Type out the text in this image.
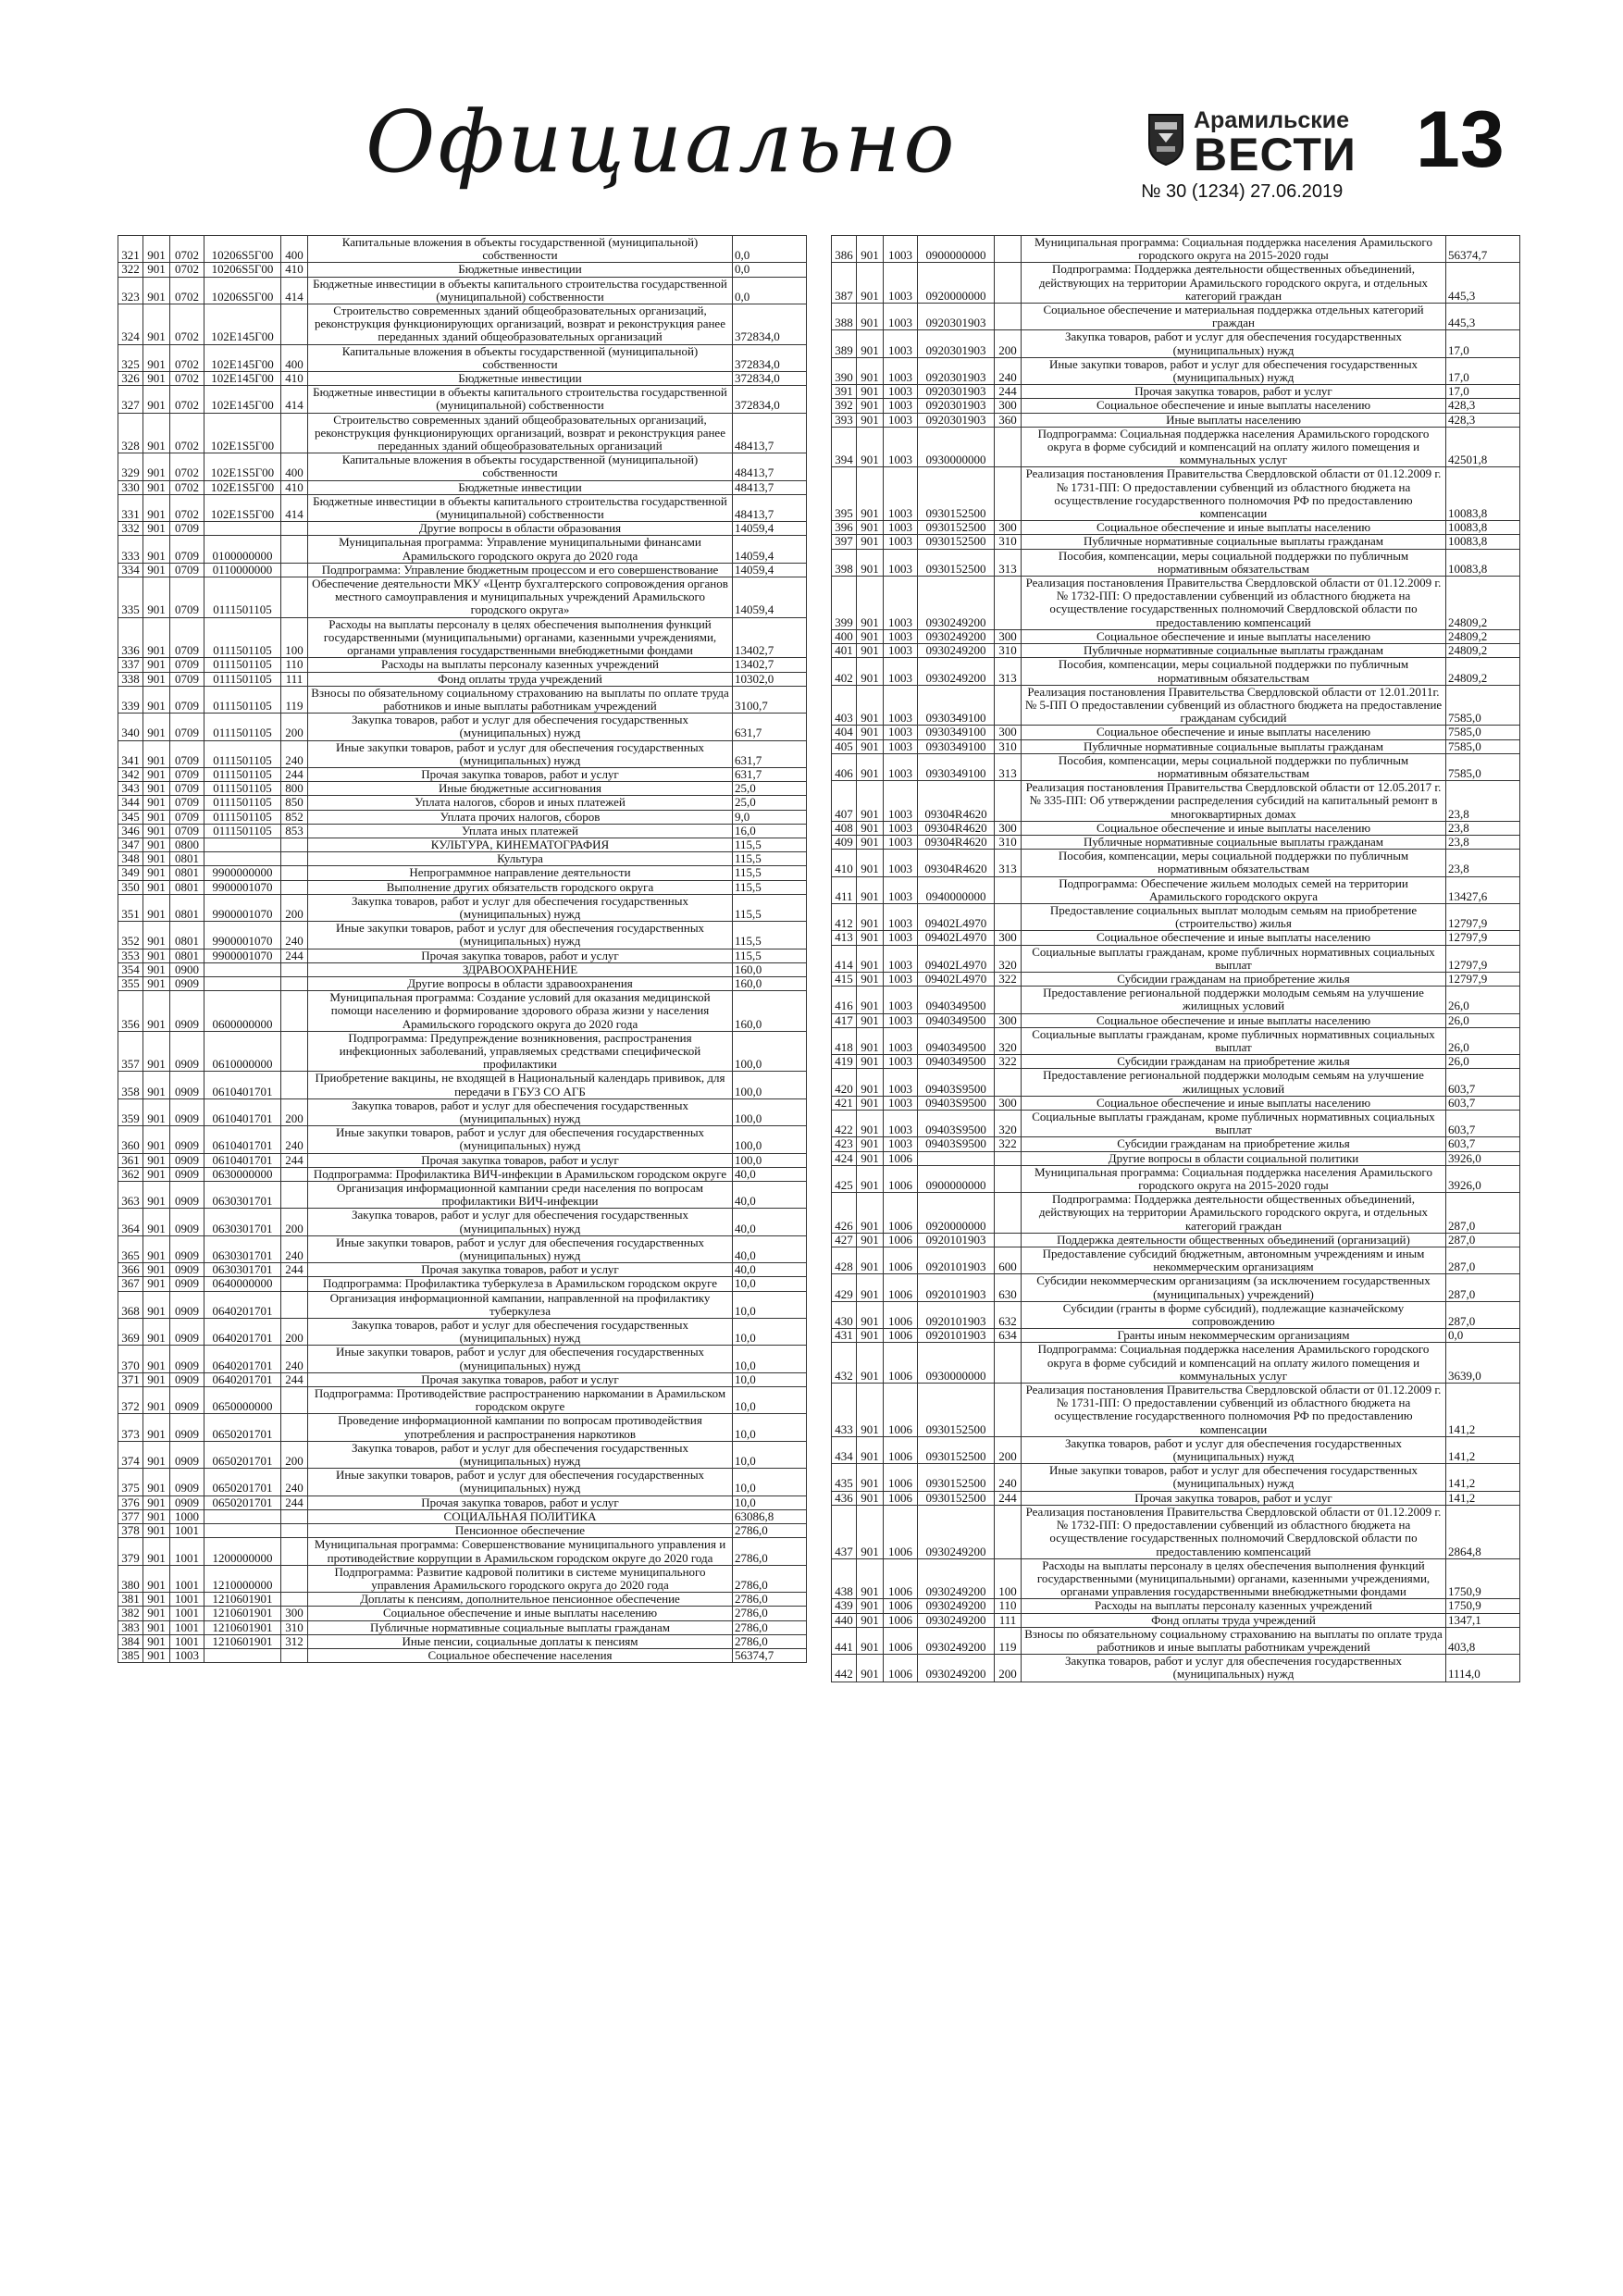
Официально	Арамильские
ВЕСТИ 13
№ 30 (1234) 27.06.2019
321	901	0702	10206S5Г00	400	Капитальные вложения в объекты государственной (муниципальной) собственности	0,0
322	901	0702	10206S5Г00	410	Бюджетные инвестиции	0,0
323	901	0702	10206S5Г00	414	Бюджетные инвестиции в объекты капитального строительства государственной (муниципальной) собственности	0,0
324	901	0702	102E145Г00		Строительство современных зданий общеобразовательных организаций, реконструкция функционирующих организаций, возврат и реконструкция ранее переданных зданий общеобразовательных организаций	372834,0
325	901	0702	102E145Г00	400	Капитальные вложения в объекты государственной (муниципальной) собственности	372834,0
326	901	0702	102E145Г00	410	Бюджетные инвестиции	372834,0
327	901	0702	102E145Г00	414	Бюджетные инвестиции в объекты капитального строительства государственной (муниципальной) собственности	372834,0
328	901	0702	102E1S5Г00		Строительство современных зданий общеобразовательных организаций, реконструкция функционирующих организаций, возврат и реконструкция ранее переданных зданий общеобразовательных организаций	48413,7
329	901	0702	102E1S5Г00	400	Капитальные вложения в объекты государственной (муниципальной) собственности	48413,7
330	901	0702	102E1S5Г00	410	Бюджетные инвестиции	48413,7
331	901	0702	102E1S5Г00	414	Бюджетные инвестиции в объекты капитального строительства государственной (муниципальной) собственности	48413,7
332	901	0709			Другие вопросы в области образования	14059,4
333	901	0709	0100000000		Муниципальная программа: Управление муниципальными финансами Арамильского городского округа до 2020 года	14059,4
334	901	0709	0110000000		Подпрограмма: Управление бюджетным процессом и его совершенствование	14059,4
335	901	0709	0111501105		Обеспечение деятельности МКУ «Центр бухгалтерского сопровождения органов местного самоуправления и муниципальных учреждений Арамильского городского округа»	14059,4
336	901	0709	0111501105	100	Расходы на выплаты персоналу в целях обеспечения выполнения функций государственными (муниципальными) органами, казенными учреждениями, органами управления государственными внебюджетными фондами	13402,7
337	901	0709	0111501105	110	Расходы на выплаты персоналу казенных учреждений	13402,7
338	901	0709	0111501105	111	Фонд оплаты труда учреждений	10302,0
339	901	0709	0111501105	119	Взносы по обязательному социальному страхованию на выплаты по оплате труда работников и иные выплаты работникам учреждений	3100,7
340	901	0709	0111501105	200	Закупка товаров, работ и услуг для обеспечения государственных (муниципальных) нужд	631,7
341	901	0709	0111501105	240	Иные закупки товаров, работ и услуг для обеспечения государственных (муниципальных) нужд	631,7
342	901	0709	0111501105	244	Прочая закупка товаров, работ и услуг	631,7
343	901	0709	0111501105	800	Иные бюджетные ассигнования	25,0
344	901	0709	0111501105	850	Уплата налогов, сборов и иных платежей	25,0
345	901	0709	0111501105	852	Уплата прочих налогов, сборов	9,0
346	901	0709	0111501105	853	Уплата иных платежей	16,0
347	901	0800			КУЛЬТУРА, КИНЕМАТОГРАФИЯ	115,5
348	901	0801			Культура	115,5
349	901	0801	9900000000		Непрограммное направление деятельности	115,5
350	901	0801	9900001070		Выполнение других обязательств городского округа	115,5
351	901	0801	9900001070	200	Закупка товаров, работ и услуг для обеспечения государственных (муниципальных) нужд	115,5
352	901	0801	9900001070	240	Иные закупки товаров, работ и услуг для обеспечения государственных (муниципальных) нужд	115,5
353	901	0801	9900001070	244	Прочая закупка товаров, работ и услуг	115,5
354	901	0900			ЗДРАВООХРАНЕНИЕ	160,0
355	901	0909			Другие вопросы в области здравоохранения	160,0
356	901	0909	0600000000		Муниципальная программа: Создание условий для оказания медицинской помощи населению и формирование здорового образа жизни у населения Арамильского городского округа до 2020 года	160,0
357	901	0909	0610000000		Подпрограмма: Предупреждение возникновения, распространения инфекционных заболеваний, управляемых средствами специфической профилактики	100,0
358	901	0909	0610401701		Приобретение вакцины, не входящей в Национальный календарь прививок, для передачи в ГБУЗ СО АГБ	100,0
359	901	0909	0610401701	200	Закупка товаров, работ и услуг для обеспечения государственных (муниципальных) нужд	100,0
360	901	0909	0610401701	240	Иные закупки товаров, работ и услуг для обеспечения государственных (муниципальных) нужд	100,0
361	901	0909	0610401701	244	Прочая закупка товаров, работ и услуг	100,0
362	901	0909	0630000000		Подпрограмма: Профилактика ВИЧ-инфекции в Арамильском городском округе	40,0
363	901	0909	0630301701		Организация информационной кампании среди населения по вопросам профилактики ВИЧ-инфекции	40,0
364	901	0909	0630301701	200	Закупка товаров, работ и услуг для обеспечения государственных (муниципальных) нужд	40,0
365	901	0909	0630301701	240	Иные закупки товаров, работ и услуг для обеспечения государственных (муниципальных) нужд	40,0
366	901	0909	0630301701	244	Прочая закупка товаров, работ и услуг	40,0
367	901	0909	0640000000		Подпрограмма: Профилактика туберкулеза в Арамильском городском округе	10,0
368	901	0909	0640201701		Организация информационной кампании, направленной на профилактику туберкулеза	10,0
369	901	0909	0640201701	200	Закупка товаров, работ и услуг для обеспечения государственных (муниципальных) нужд	10,0
370	901	0909	0640201701	240	Иные закупки товаров, работ и услуг для обеспечения государственных (муниципальных) нужд	10,0
371	901	0909	0640201701	244	Прочая закупка товаров, работ и услуг	10,0
372	901	0909	0650000000		Подпрограмма: Противодействие распространению наркомании в Арамильском городском округе	10,0
373	901	0909	0650201701		Проведение информационной кампании по вопросам противодействия употребления и распространения наркотиков	10,0
374	901	0909	0650201701	200	Закупка товаров, работ и услуг для обеспечения государственных (муниципальных) нужд	10,0
375	901	0909	0650201701	240	Иные закупки товаров, работ и услуг для обеспечения государственных (муниципальных) нужд	10,0
376	901	0909	0650201701	244	Прочая закупка товаров, работ и услуг	10,0
377	901	1000			СОЦИАЛЬНАЯ ПОЛИТИКА	63086,8
378	901	1001			Пенсионное обеспечение	2786,0
379	901	1001	1200000000		Муниципальная программа: Совершенствование муниципального управления и противодействие коррупции в Арамильском городском округе до 2020 года	2786,0
380	901	1001	1210000000		Подпрограмма: Развитие кадровой политики в системе муниципального управления Арамильского городского округа до 2020 года	2786,0
381	901	1001	1210601901		Доплаты к пенсиям, дополнительное пенсионное обеспечение	2786,0
382	901	1001	1210601901	300	Социальное обеспечение и иные выплаты населению	2786,0
383	901	1001	1210601901	310	Публичные нормативные социальные выплаты гражданам	2786,0
384	901	1001	1210601901	312	Иные пенсии, социальные доплаты к пенсиям	2786,0
385	901	1003			Социальное обеспечение населения	56374,7
386	901	1003	0900000000		Муниципальная программа: Социальная поддержка населения Арамильского городского округа на 2015-2020 годы	56374,7
387	901	1003	0920000000		Подпрограмма: Поддержка деятельности общественных объединений, действующих на территории Арамильского городского округа, и отдельных категорий граждан	445,3
388	901	1003	0920301903		Социальное обеспечение и материальная поддержка отдельных категорий граждан	445,3
389	901	1003	0920301903	200	Закупка товаров, работ и услуг для обеспечения государственных (муниципальных) нужд	17,0
390	901	1003	0920301903	240	Иные закупки товаров, работ и услуг для обеспечения государственных (муниципальных) нужд	17,0
391	901	1003	0920301903	244	Прочая закупка товаров, работ и услуг	17,0
392	901	1003	0920301903	300	Социальное обеспечение и иные выплаты населению	428,3
393	901	1003	0920301903	360	Иные выплаты населению	428,3
394	901	1003	0930000000		Подпрограмма: Социальная поддержка населения Арамильского городского округа в форме субсидий и компенсаций на оплату жилого помещения и коммунальных услуг	42501,8
395	901	1003	0930152500		Реализация постановления Правительства Свердловской области от 01.12.2009 г. № 1731-ПП: О предоставлении субвенций из областного бюджета на осуществление государственного полномочия РФ по предоставлению компенсации	10083,8
396	901	1003	0930152500	300	Социальное обеспечение и иные выплаты населению	10083,8
397	901	1003	0930152500	310	Публичные нормативные социальные выплаты гражданам	10083,8
398	901	1003	0930152500	313	Пособия, компенсации, меры социальной поддержки по публичным нормативным обязательствам	10083,8
399	901	1003	0930249200		Реализация постановления Правительства Свердловской области от 01.12.2009 г. № 1732-ПП: О предоставлении субвенций из областного бюджета на осуществление государственных полномочий Свердловской области по предоставлению компенсаций	24809,2
400	901	1003	0930249200	300	Социальное обеспечение и иные выплаты населению	24809,2
401	901	1003	0930249200	310	Публичные нормативные социальные выплаты гражданам	24809,2
402	901	1003	0930249200	313	Пособия, компенсации, меры социальной поддержки по публичным нормативным обязательствам	24809,2
403	901	1003	0930349100		Реализация постановления Правительства Свердловской области от 12.01.2011г. № 5-ПП О предоставлении субвенций из областного бюджета на предоставление гражданам субсидий	7585,0
404	901	1003	0930349100	300	Социальное обеспечение и иные выплаты населению	7585,0
405	901	1003	0930349100	310	Публичные нормативные социальные выплаты гражданам	7585,0
406	901	1003	0930349100	313	Пособия, компенсации, меры социальной поддержки по публичным нормативным обязательствам	7585,0
407	901	1003	09304R4620		Реализация постановления Правительства Свердловской области от 12.05.2017 г. № 335-ПП: Об утверждении распределения субсидий на капитальный ремонт в многоквартирных домах	23,8
408	901	1003	09304R4620	300	Социальное обеспечение и иные выплаты населению	23,8
409	901	1003	09304R4620	310	Публичные нормативные социальные выплаты гражданам	23,8
410	901	1003	09304R4620	313	Пособия, компенсации, меры социальной поддержки по публичным нормативным обязательствам	23,8
411	901	1003	0940000000		Подпрограмма: Обеспечение жильем молодых семей на территории Арамильского городского округа	13427,6
412	901	1003	09402L4970		Предоставление социальных выплат молодым семьям на приобретение (строительство) жилья	12797,9
413	901	1003	09402L4970	300	Социальное обеспечение и иные выплаты населению	12797,9
414	901	1003	09402L4970	320	Социальные выплаты гражданам, кроме публичных нормативных социальных выплат	12797,9
415	901	1003	09402L4970	322	Субсидии гражданам на приобретение жилья	12797,9
416	901	1003	0940349500		Предоставление региональной поддержки молодым семьям на улучшение жилищных условий	26,0
417	901	1003	0940349500	300	Социальное обеспечение и иные выплаты населению	26,0
418	901	1003	0940349500	320	Социальные выплаты гражданам, кроме публичных нормативных социальных выплат	26,0
419	901	1003	0940349500	322	Субсидии гражданам на приобретение жилья	26,0
420	901	1003	09403S9500		Предоставление региональной поддержки молодым семьям на улучшение жилищных условий	603,7
421	901	1003	09403S9500	300	Социальное обеспечение и иные выплаты населению	603,7
422	901	1003	09403S9500	320	Социальные выплаты гражданам, кроме публичных нормативных социальных выплат	603,7
423	901	1003	09403S9500	322	Субсидии гражданам на приобретение жилья	603,7
424	901	1006			Другие вопросы в области социальной политики	3926,0
425	901	1006	0900000000		Муниципальная программа: Социальная поддержка населения Арамильского городского округа на 2015-2020 годы	3926,0
426	901	1006	0920000000		Подпрограмма: Поддержка деятельности общественных объединений, действующих на территории Арамильского городского округа, и отдельных категорий граждан	287,0
427	901	1006	0920101903		Поддержка деятельности общественных объединений (организаций)	287,0
428	901	1006	0920101903	600	Предоставление субсидий бюджетным, автономным учреждениям и иным некоммерческим организациям	287,0
429	901	1006	0920101903	630	Субсидии некоммерческим организациям (за исключением государственных (муниципальных) учреждений)	287,0
430	901	1006	0920101903	632	Субсидии (гранты в форме субсидий), подлежащие казначейскому сопровождению	287,0
431	901	1006	0920101903	634	Гранты иным некоммерческим организациям	0,0
432	901	1006	0930000000		Подпрограмма: Социальная поддержка населения Арамильского городского округа в форме субсидий и компенсаций на оплату жилого помещения и коммунальных услуг	3639,0
433	901	1006	0930152500		Реализация постановления Правительства Свердловской области от 01.12.2009 г. № 1731-ПП: О предоставлении субвенций из областного бюджета на осуществление государственного полномочия РФ по предоставлению компенсации	141,2
434	901	1006	0930152500	200	Закупка товаров, работ и услуг для обеспечения государственных (муниципальных) нужд	141,2
435	901	1006	0930152500	240	Иные закупки товаров, работ и услуг для обеспечения государственных (муниципальных) нужд	141,2
436	901	1006	0930152500	244	Прочая закупка товаров, работ и услуг	141,2
437	901	1006	0930249200		Реализация постановления Правительства Свердловской области от 01.12.2009 г. № 1732-ПП: О предоставлении субвенций из областного бюджета на осуществление государственных полномочий Свердловской области по предоставлению компенсаций	2864,8
438	901	1006	0930249200	100	Расходы на выплаты персоналу в целях обеспечения выполнения функций государственными (муниципальными) органами, казенными учреждениями, органами управления государственными внебюджетными фондами	1750,9
439	901	1006	0930249200	110	Расходы на выплаты персоналу казенных учреждений	1750,9
440	901	1006	0930249200	111	Фонд оплаты труда учреждений	1347,1
441	901	1006	0930249200	119	Взносы по обязательному социальному страхованию на выплаты по оплате труда работников и иные выплаты работникам учреждений	403,8
442	901	1006	0930249200	200	Закупка товаров, работ и услуг для обеспечения государственных (муниципальных) нужд	1114,0
